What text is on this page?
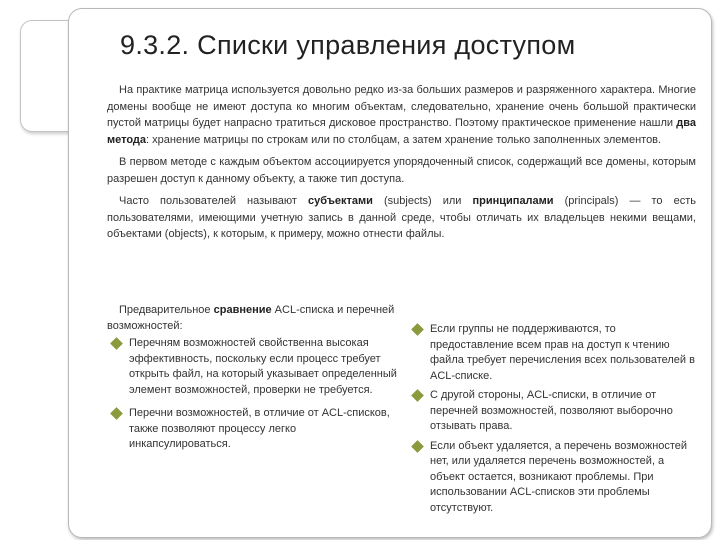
9.3.2. Списки управления доступом

На практике матрица используется довольно редко из-за больших размеров и разряженного характера. Многие домены вообще не имеют доступа ко многим объектам, следовательно, хранение очень большой практически пустой матрицы будет напрасно тратиться дисковое пространство. Поэтому практическое применение нашли два метода: хранение матрицы по строкам или по столбцам, а затем хранение только заполненных элементов.

В первом методе с каждым объектом ассоциируется упорядоченный список, содержащий все домены, которым разрешен доступ к данному объекту, а также тип доступа.

Часто пользователей называют субъектами (subjects) или принципалами (principals) — то есть пользователями, имеющими учетную запись в данной среде, чтобы отличать их владельцев некими вещами, объектами (objects), к которым, к примеру, можно отнести файлы.

Предварительное сравнение ACL-списка и перечней возможностей:

Перечням возможностей свойственна высокая эффективность, поскольку если процесс требует открыть файл, на который указывает определенный элемент возможностей, проверки не требуется.
Перечни возможностей, в отличие от ACL-списков, также позволяют процессу легко инкапсулироваться.
Если группы не поддерживаются, то предоставление всем прав на доступ к чтению файла требует перечисления всех пользователей в ACL-списке.
С другой стороны, ACL-списки, в отличие от перечней возможностей, позволяют выборочно отзывать права.
Если объект удаляется, а перечень возможностей нет, или удаляется перечень возможностей, а объект остается, возникают проблемы. При использовании ACL-списков эти проблемы отсутствуют.
